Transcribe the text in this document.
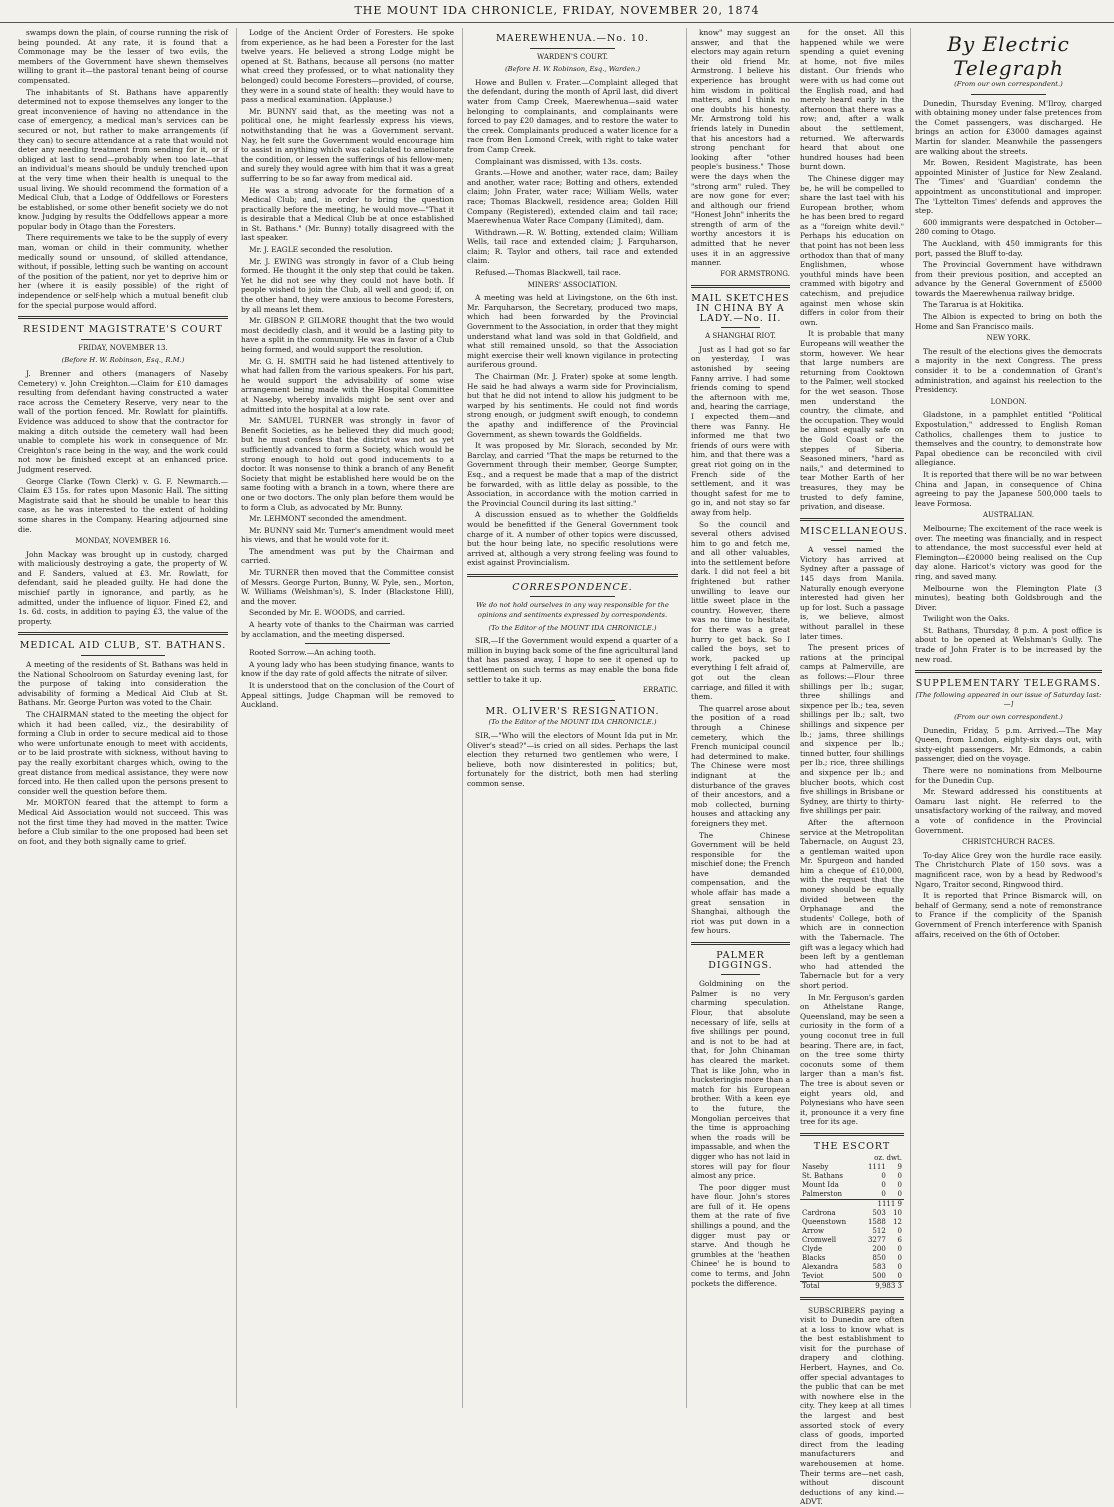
THE MOUNT IDA CHRONICLE, FRIDAY, NOVEMBER 20, 1874

swamps down the plain, of course running the risk of being pounded. At any rate, it is found that a Commonage may be the lesser of two evils, the members of the Government have shewn themselves willing to grant it—the pastoral tenant being of course compensated.

The inhabitants of St. Bathans have apparently determined not to expose themselves any longer to the great inconvenience of having no attendance in the case of emergency, a medical man's services can be secured or not, but rather to make arrangements (if they can) to secure attendance at a rate that would not deter any needing treatment from sending for it, or if obliged at last to send—probably when too late—that an individual's means should be unduly trenched upon at the very time when their health is unequal to the usual living. We should recommend the formation of a Medical Club, that a Lodge of Oddfellows or Foresters be established, or some other benefit society we do not know. Judging by results the Oddfellows appear a more popular body in Otago than the Foresters.

There requirements we take to be the supply of every man, woman or child in their community, whether medically sound or unsound, of skilled attendance, without, if possible, letting such be wanting on account of the position of the patient, nor yet to deprive him or her (where it is easily possible) of the right of independence or self-help which a mutual benefit club for the special purpose would afford.

RESIDENT MAGISTRATE'S COURT
FRIDAY, NOVEMBER 13.
(Before H. W. Robinson, Esq., R.M.)

J. Brenner and others (managers of Naseby Cemetery) v. John Creighton.—Claim for £10 damages resulting from defendant having constructed a water race across the Cemetery Reserve, very near to the wall of the portion fenced. Mr. Rowlatt for plaintiffs. Evidence was adduced to show that the contractor for making a ditch outside the cemetery wall had been unable to complete his work in consequence of Mr. Creighton's race being in the way, and the work could not now be finished except at an enhanced price. Judgment reserved.

George Clarke (Town Clerk) v. G. F. Newmarch.—Claim £3 15s. for rates upon Masonic Hall. The sitting Magistrate said that he should be unable to hear this case, as he was interested to the extent of holding some shares in the Company. Hearing adjourned sine die.

MONDAY, NOVEMBER 16.

John Mackay was brought up in custody, charged with maliciously destroying a gate, the property of W. and F. Sanders, valued at £3. Mr. Rowlatt, for defendant, said he pleaded guilty. He had done the mischief partly in ignorance, and partly, as he admitted, under the influence of liquor. Fined £2, and 1s. 6d. costs, in addition to paying £3, the value of the property.

MEDICAL AID CLUB, ST. BATHANS.

A meeting of the residents of St. Bathans was held in the National Schoolroom on Saturday evening last, for the purpose of taking into consideration the advisability of forming a Medical Aid Club at St. Bathans. Mr. George Purton was voted to the Chair.

The CHAIRMAN stated to the meeting the object for which it had been called, viz., the desirability of forming a Club in order to secure medical aid to those who were unfortunate enough to meet with accidents, or to be laid prostrate with sickness, without having to pay the really exorbitant charges which, owing to the great distance from medical assistance, they were now forced into. He then called upon the persons present to consider well the question before them.

Mr. MORTON feared that the attempt to form a Medical Aid Association would not succeed. This was not the first time they had moved in the matter. Twice before a Club similar to the one proposed had been set on foot, and they both signally came to grief.

Lodge of the Ancient Order of Foresters. He spoke from experience, as he had been a Forester for the last twelve years. He believed a strong Lodge might be opened at St. Bathans, because all persons (no matter what creed they professed, or to what nationality they belonged) could become Foresters—provided, of course, they were in a sound state of health: they would have to pass a medical examination. (Applause.)

Mr. BUNNY said that, as the meeting was not a political one, he might fearlessly express his views, notwithstanding that he was a Government servant. Nay, he felt sure the Government would encourage him to assist in anything which was calculated to ameliorate the condition, or lessen the sufferings of his fellow-men; and surely they would agree with him that it was a great sufferring to be so far away from medical aid.

He was a strong advocate for the formation of a Medical Club; and, in order to bring the question practically before the meeting, he would move—"That it is desirable that a Medical Club be at once established in St. Bathans." (Mr. Bunny) totally disagreed with the last speaker.

Mr. J. EAGLE seconded the resolution.

Mr. J. EWING was strongly in favor of a Club being formed. He thought it the only step that could be taken. Yet he did not see why they could not have both. If people wished to join the Club, all well and good; if, on the other hand, they were anxious to become Foresters, by all means let them.

Mr. GIBSON P. GILMORE thought that the two would most decidedly clash, and it would be a lasting pity to have a split in the community. He was in favor of a Club being formed, and would support the resolution.

Mr. G. H. SMITH said he had listened attentively to what had fallen from the various speakers. For his part, he would support the advisability of some wise arrangement being made with the Hospital Committee at Naseby, whereby invalids might be sent over and admitted into the hospital at a low rate.

Mr. SAMUEL TURNER was strongly in favor of Benefit Societies, as he believed they did much good; but he must confess that the district was not as yet sufficiently advanced to form a Society, which would be strong enough to hold out good inducements to a doctor. It was nonsense to think a branch of any Benefit Society that might be established here would be on the same footing with a branch in a town, where there are one or two doctors. The only plan before them would be to form a Club, as advocated by Mr. Bunny.

Mr. LEHMONT seconded the amendment.

Mr. BUNNY said Mr. Turner's amendment would meet his views, and that he would vote for it.

The amendment was put by the Chairman and carried.

Mr. TURNER then moved that the Committee consist of Messrs. George Purton, Bunny, W. Pyle, sen., Morton, W. Williams (Welshman's), S. Inder (Blackstone Hill), and the mover.

Seconded by Mr. E. WOODS, and carried.

A hearty vote of thanks to the Chairman was carried by acclamation, and the meeting dispersed.

Rooted Sorrow.—An aching tooth.

A young lady who has been studying finance, wants to know if the day rate of gold affects the nitrate of silver.

It is understood that on the conclusion of the Court of Appeal sittings, Judge Chapman will be removed to Auckland.

MAEREWHENUA.—No. 10.
WARDEN'S COURT.
(Before H. W. Robinson, Esq., Warden.)

Howe and Bullen v. Frater.—Complaint alleged that the defendant, during the month of April last, did divert water from Camp Creek, Maerewhenua—said water belonging to complainants, and complainants were forced to pay £20 damages, and to restore the water to the creek. Complainants produced a water licence for a race from Ben Lomond Creek, with right to take water from Camp Creek.

Complainant was dismissed, with 13s. costs.

Grants.—Howe and another, water race, dam; Bailey and another, water race; Botting and others, extended claim; John Frater, water race; William Wells, water race; Thomas Blackwell, residence area; Golden Hill Company (Registered), extended claim and tail race; Maerewhenua Water Race Company (Limited), dam.

Withdrawn.—R. W. Botting, extended claim; William Wells, tail race and extended claim; J. Farquharson, claim; R. Taylor and others, tail race and extended claim.

Refused.—Thomas Blackwell, tail race.

MINERS' ASSOCIATION.

A meeting was held at Livingstone, on the 6th inst. Mr. Farquharson, the Secretary, produced two maps, which had been forwarded by the Provincial Government to the Association, in order that they might understand what land was sold in that Goldfield, and what still remained unsold, so that the Association might exercise their well known vigilance in protecting auriferous ground.

The Chairman (Mr. J. Frater) spoke at some length. He said he had always a warm side for Provincialism, but that he did not intend to allow his judgment to be warped by his sentiments. He could not find words strong enough, or judgment swift enough, to condemn the apathy and indifference of the Provincial Government, as shewn towards the Goldfields.

It was proposed by Mr. Slorach, seconded by Mr. Barclay, and carried "That the maps be returned to the Government through their member, George Sumpter, Esq., and a request be made that a map of the district be forwarded, with as little delay as possible, to the Association, in accordance with the motion carried in the Provincial Council during its last sitting."

A discussion ensued as to whether the Goldfields would be benefitted if the General Government took charge of it. A number of other topics were discussed, but the hour being late, no specific resolutions were arrived at, although a very strong feeling was found to exist against Provincialism.

CORRESPONDENCE.
We do not hold ourselves in any way responsible for the opinions and sentiments expressed by correspondents.
(To the Editor of the MOUNT IDA CHRONICLE.)

SIR,—If the Government would expend a quarter of a million in buying back some of the fine agricultural land that has passed away, I hope to see it opened up to settlement on such terms as may enable the bona fide settler to take it up.

ERRATIC.
MR. OLIVER'S RESIGNATION.
(To the Editor of the MOUNT IDA CHRONICLE.)

SIR,—"Who will the electors of Mount Ida put in Mr. Oliver's stead?"—is cried on all sides. Perhaps the last election they returned two gentlemen who were, I believe, both now disinterested in politics; but, fortunately for the district, both men had sterling common sense.

know" may suggest an answer, and that the electors may again return their old friend Mr. Armstrong. I believe his experience has brought him wisdom in political matters, and I think no one doubts his honesty. Mr. Armstrong told his friends lately in Dunedin that his ancestors had a strong penchant for looking after "other people's business." Those were the days when the "strong arm" ruled. They are now gone for ever; and although our friend "Honest John" inherits the strength of arm of the worthy ancestors it is admitted that he never uses it in an aggressive manner.

FOR ARMSTRONG.
MAIL SKETCHES IN CHINA BY A LADY.—No. II.
A SHANGHAI RIOT.

Just as I had got so far on yesterday, I was astonished by seeing Fanny arrive. I had some friends coming to spend the afternoon with me, and, hearing the carriage, I expected them—and there was Fanny. He informed me that two friends of ours were with him, and that there was a great riot going on in the French side of the settlement, and it was thought safest for me to go in, and not stay so far away from help.

So the council and several others advised him to go and fetch me, and all other valuables, into the settlement before dark. I did not feel a bit frightened but rather unwilling to leave our little sweet place in the country. However, there was no time to hesitate, for there was a great hurry to get back. So I called the boys, set to work, packed up everything I felt afraid of, got out the clean carriage, and filled it with them.

The quarrel arose about the position of a road through a Chinese cemetery, which the French municipal council had determined to make. The Chinese were most indignant at the disturbance of the graves of their ancestors, and a mob collected, burning houses and attacking any foreigners they met.

The Chinese Government will be held responsible for the mischief done; the French have demanded compensation, and the whole affair has made a great sensation in Shanghai, although the riot was put down in a few hours.

PALMER DIGGINGS.

Goldmining on the Palmer is no very charming speculation. Flour, that absolute necessary of life, sells at five shillings per pound, and is not to be had at that, for John Chinaman has cleared the market. That is like John, who in hucksteringis more than a match for his European brother. With a keen eye to the future, the Mongolian perceives that the time is approaching when the roads will be impassable, and when the digger who has not laid in stores will pay for flour almost any price.

The poor digger must have flour. John's stores are full of it. He opens them at the rate of five shillings a pound, and the digger must pay or starve. And though he grumbles at the 'heathen Chinee' he is bound to come to terms, and John pockets the difference.

By Electric Telegraph
(From our own correspondent.)

Dunedin, Thursday Evening. M'Ilroy, charged with obtaining money under false pretences from the Comet passengers, was discharged. He brings an action for £3000 damages against Martin for slander. Meanwhile the passengers are walking about the streets.

Mr. Bowen, Resident Magistrate, has been appointed Minister of Justice for New Zealand. The 'Times' and 'Guardian' condemn the appointment as unconstitutional and improper. The 'Lyttelton Times' defends and approves the step.

600 immigrants were despatched in October—280 coming to Otago.

The Auckland, with 450 immigrants for this port, passed the Bluff to-day.

The Provincial Government have withdrawn from their previous position, and accepted an advance by the General Government of £5000 towards the Maerewhenua railway bridge.

The Tararua is at Hokitika.

The Albion is expected to bring on both the Home and San Francisco mails.

NEW YORK.

The result of the elections gives the democrats a majority in the next Congress. The press consider it to be a condemnation of Grant's administration, and against his reelection to the Presidency.

LONDON.

Gladstone, in a pamphlet entitled "Political Expostulation," addressed to English Roman Catholics, challenges them to justice to themselves and the country, to demonstrate how Papal obedience can be reconciled with civil allegiance.

It is reported that there will be no war between China and Japan, in consequence of China agreeing to pay the Japanese 500,000 taels to leave Formosa.

AUSTRALIAN.

Melbourne; The excitement of the race week is over. The meeting was financially, and in respect to attendance, the most successful ever held at Flemington—£20000 being realised on the Cup day alone. Haricot's victory was good for the ring, and saved many.

Melbourne won the Flemington Plate (3 minutes), beating both Goldsbrough and the Diver.

Twilight won the Oaks.

St. Bathans, Thursday, 8 p.m. A post office is about to be opened at Welshman's Gully. The trade of John Frater is to be increased by the new road.

SUPPLEMENTARY TELEGRAMS.
[The following appeared in our issue of Saturday last:—]
(From our own correspondent.)

Dunedin, Friday, 5 p.m. Arrived.—The May Queen, from London, eighty-six days out, with sixty-eight passengers. Mr. Edmonds, a cabin passenger, died on the voyage.

There were no nominations from Melbourne for the Dunedin Cup.

Mr. Steward addressed his constituents at Oamaru last night. He referred to the unsatisfactory working of the railway, and moved a vote of confidence in the Provincial Government.

CHRISTCHURCH RACES.

To-day Alice Grey won the hurdle race easily. The Christchurch Plate of 150 sovs. was a magnificent race, won by a head by Redwood's Ngaro, Traitor second, Ringwood third.

It is reported that Prince Bismarck will, on behalf of Germany, send a note of remonstrance to France if the complicity of the Spanish Government of French interference with Spanish affairs, received on the 6th of October.

for the onset. All this happened while we were spending a quiet evening at home, not five miles distant. Our friends who were with us had come out the English road, and had merely heard early in the afternoon that there was a row; and, after a walk about the settlement, returned. We afterwards heard that about one hundred houses had been burnt down.

The Chinese digger may be, he will be compelled to share the last tael with his European brother, whom he has been bred to regard as a "foreign white devil." Perhaps his education on that point has not been less orthodox than that of many Englishmen, whose youthful minds have been crammed with bigotry and catechism, and prejudice against men whose skin differs in color from their own.

It is probable that many Europeans will weather the storm, however. We hear that large numbers are returning from Cooktown to the Palmer, well stocked for the wet season. Those men understand the country, the climate, and the occupation. They would be almost equally safe on the Gold Coast or the steppes of Siberia. Seasoned miners, "hard as nails," and determined to tear Mother Earth of her treasures, they may be trusted to defy famine, privation, and disease.

MISCELLANEOUS.

A vessel named the Victory has arrived at Sydney after a passage of 145 days from Manila. Naturally enough everyone interested had given her up for lost. Such a passage is, we believe, almost without parallel in these later times.

The present prices of rations at the principal camps at Palmerville, are as follows:—Flour three shillings per lb.; sugar, three shillings and sixpence per lb.; tea, seven shillings per lb.; salt, two shillings and sixpence per lb.; jams, three shillings and sixpence per lb.; tinned butter, four shillings per lb.; rice, three shillings and sixpence per lb.; and blucher boots, which cost five shillings in Brisbane or Sydney, are thirty to thirty-five shillings per pair.

After the afternoon service at the Metropolitan Tabernacle, on August 23, a gentleman waited upon Mr. Spurgeon and handed him a cheque of £10,000, with the request that the money should be equally divided between the Orphanage and the students' College, both of which are in connection with the Tabernacle. The gift was a legacy which had been left by a gentleman who had attended the Tabernacle but for a very short period.

In Mr. Ferguson's garden on Athelstane Range, Queensland, may be seen a curiosity in the form of a young coconut tree in full bearing. There are, in fact, on the tree some thirty coconuts some of them larger than a man's fist. The tree is about seven or eight years old, and Polynesians who have seen it, pronounce it a very fine tree for its age.

THE ESCORT
	oz. dwt.	
Naseby	1111	9
St. Bathans	0	0
Mount Ida	0	0
Palmerston	0	0
	1111 9	
Cardrona	503	10
Queenstown	1588	12
Arrow	512	0
Cromwell	3277	6
Clyde	200	0
Blacks	850	0
Alexandra	583	0
Teviot	500	0
Total	9,983 3	

SUBSCRIBERS paying a visit to Dunedin are often at a loss to know what is the best establishment to visit for the purchase of drapery and clothing. Herbert, Haynes, and Co. offer special advantages to the public that can be met with nowhere else in the city. They keep at all times the largest and best assorted stock of every class of goods, imported direct from the leading manufacturers and warehousemen at home. Their terms are—net cash, without discount deductions of any kind.—ADVT.
